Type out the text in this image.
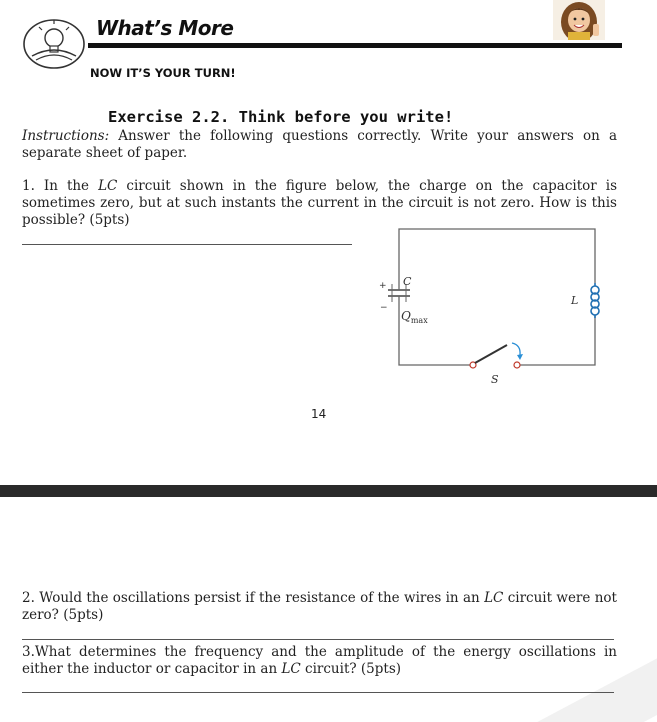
What’s More
NOW IT’S YOUR TURN!
Exercise 2.2. Think before you write!

Instructions: Answer the following questions correctly. Write your answers on a separate sheet of paper.

1. In the LC circuit shown in the figure below, the charge on the capacitor is sometimes zero, but at such instants the current in the circuit is not zero. How is this possible? (5pts)

+
−
C
$Q_{max}$
L
S
14

2. Would the oscillations persist if the resistance of the wires in an LC circuit were not zero? (5pts)

3.What determines the frequency and the amplitude of the energy oscillations in either the inductor or capacitor in an LC circuit? (5pts)
